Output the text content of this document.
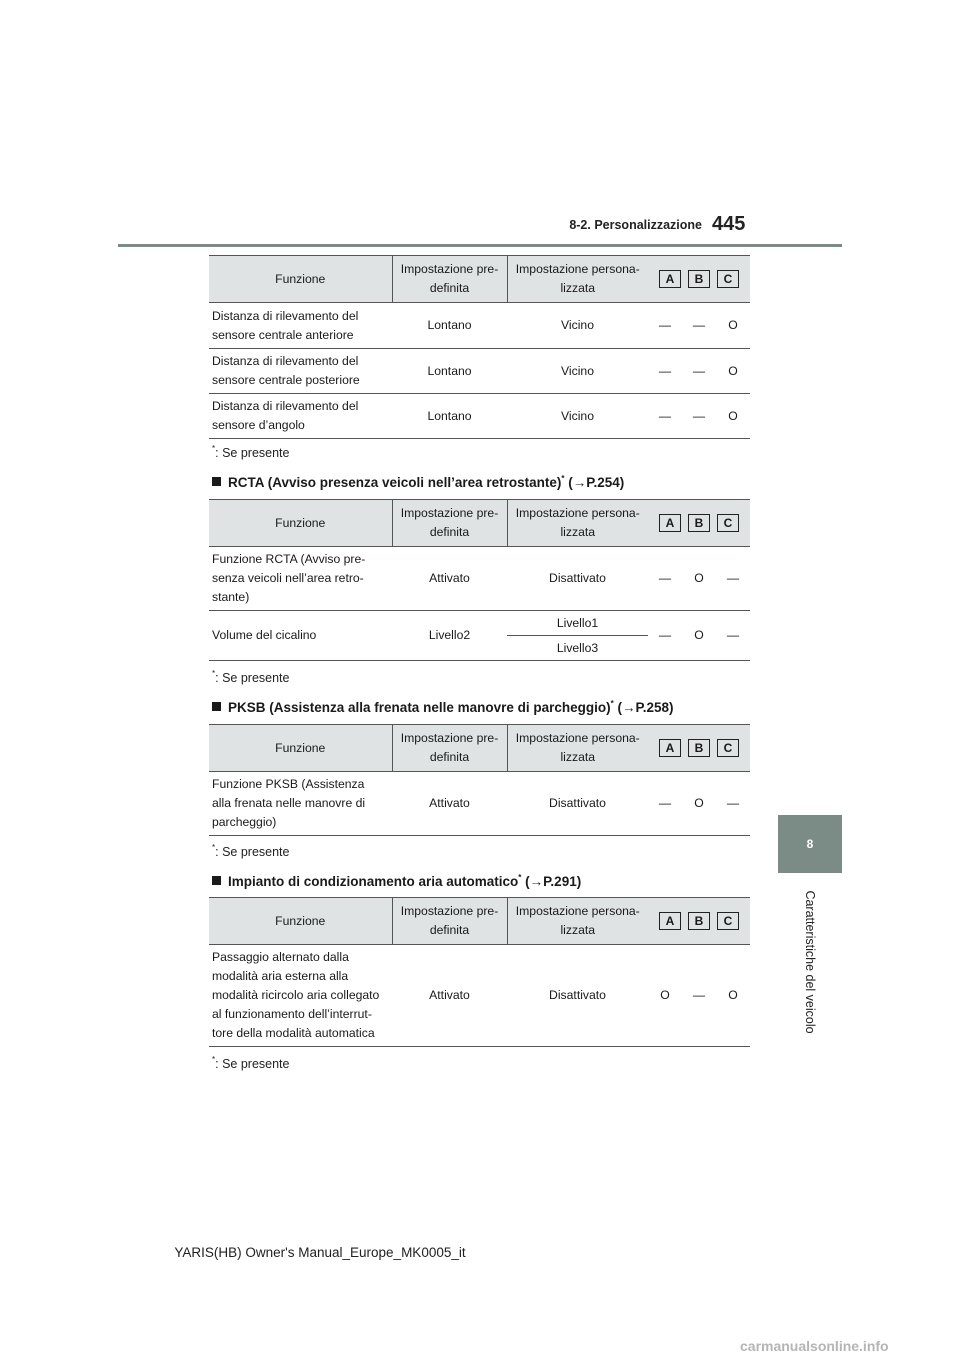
8-2. Personalizzazione 445
8
Caratteristiche del veicolo
Funzione	Impostazione pre-
definita	Impostazione persona-
lizzata	A B C		

Distanza di rilevamento del
sensore centrale anteriore	Lontano	Vicino	—	—	O
Distanza di rilevamento del
sensore centrale posteriore	Lontano	Vicino	—	—	O
Distanza di rilevamento del
sensore d’angolo	Lontano	Vicino	—	—	O
*: Se presente
RCTA (Avviso presenza veicoli nell’area retrostante)* (→P.254)
Funzione	Impostazione pre-
definita	Impostazione persona-
lizzata	A B C		

Funzione RCTA (Avviso pre-
senza veicoli nell’area retro-
stante)	Attivato	Disattivato	—	O	—
Volume del cicalino	Livello2	Livello1	—	O	—
		Livello3			
*: Se presente
PKSB (Assistenza alla frenata nelle manovre di parcheggio)* (→P.258)
Funzione	Impostazione pre-
definita	Impostazione persona-
lizzata	A B C		

Funzione PKSB (Assistenza
alla frenata nelle manovre di
parcheggio)	Attivato	Disattivato	—	O	—
*: Se presente
Impianto di condizionamento aria automatico* (→P.291)
Funzione	Impostazione pre-
definita	Impostazione persona-
lizzata	A B C		

Passaggio alternato dalla
modalità aria esterna alla
modalità ricircolo aria collegato
al funzionamento dell’interrut-
tore della modalità automatica	Attivato	Disattivato	O	—	O
*: Se presente
YARIS(HB) Owner's Manual_Europe_MK0005_it
carmanualsonline.info
